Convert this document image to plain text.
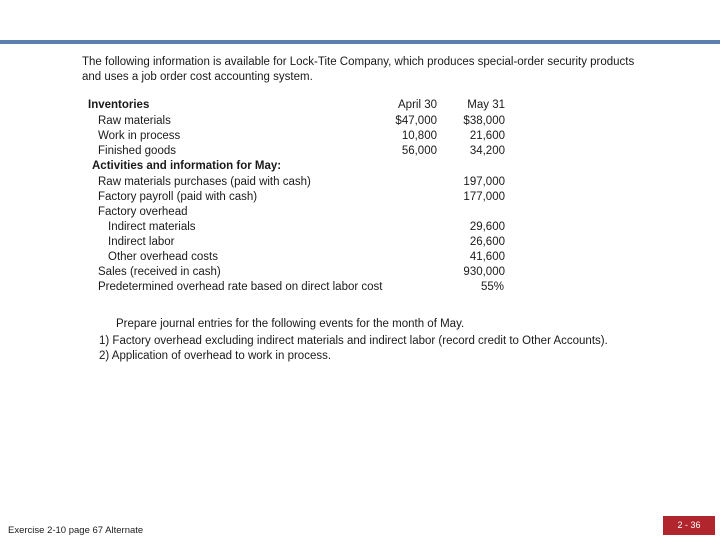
The following information is available for Lock-Tite Company, which produces special-order security products and uses a job order cost accounting system.

Inventories	April 30	May 31
Raw materials	$47,000 $38,000
Work in process	10,800	21,600
Finished goods	56,000	34,200
Activities and information for May:
Raw materials purchases (paid with cash)	197,000
Factory payroll (paid with cash)	177,000
Factory overhead
Indirect materials	29,600
Indirect labor	26,600
Other overhead costs	41,600
Sales (received in cash)	930,000
Predetermined overhead rate based on direct labor cost	55%
Prepare journal entries for the following events for the month of May.
1) Factory overhead excluding indirect materials and indirect labor (record credit to Other Accounts).
2) Application of overhead to work in process.
Exercise 2-10 page 67 Alternate	2 - 36
